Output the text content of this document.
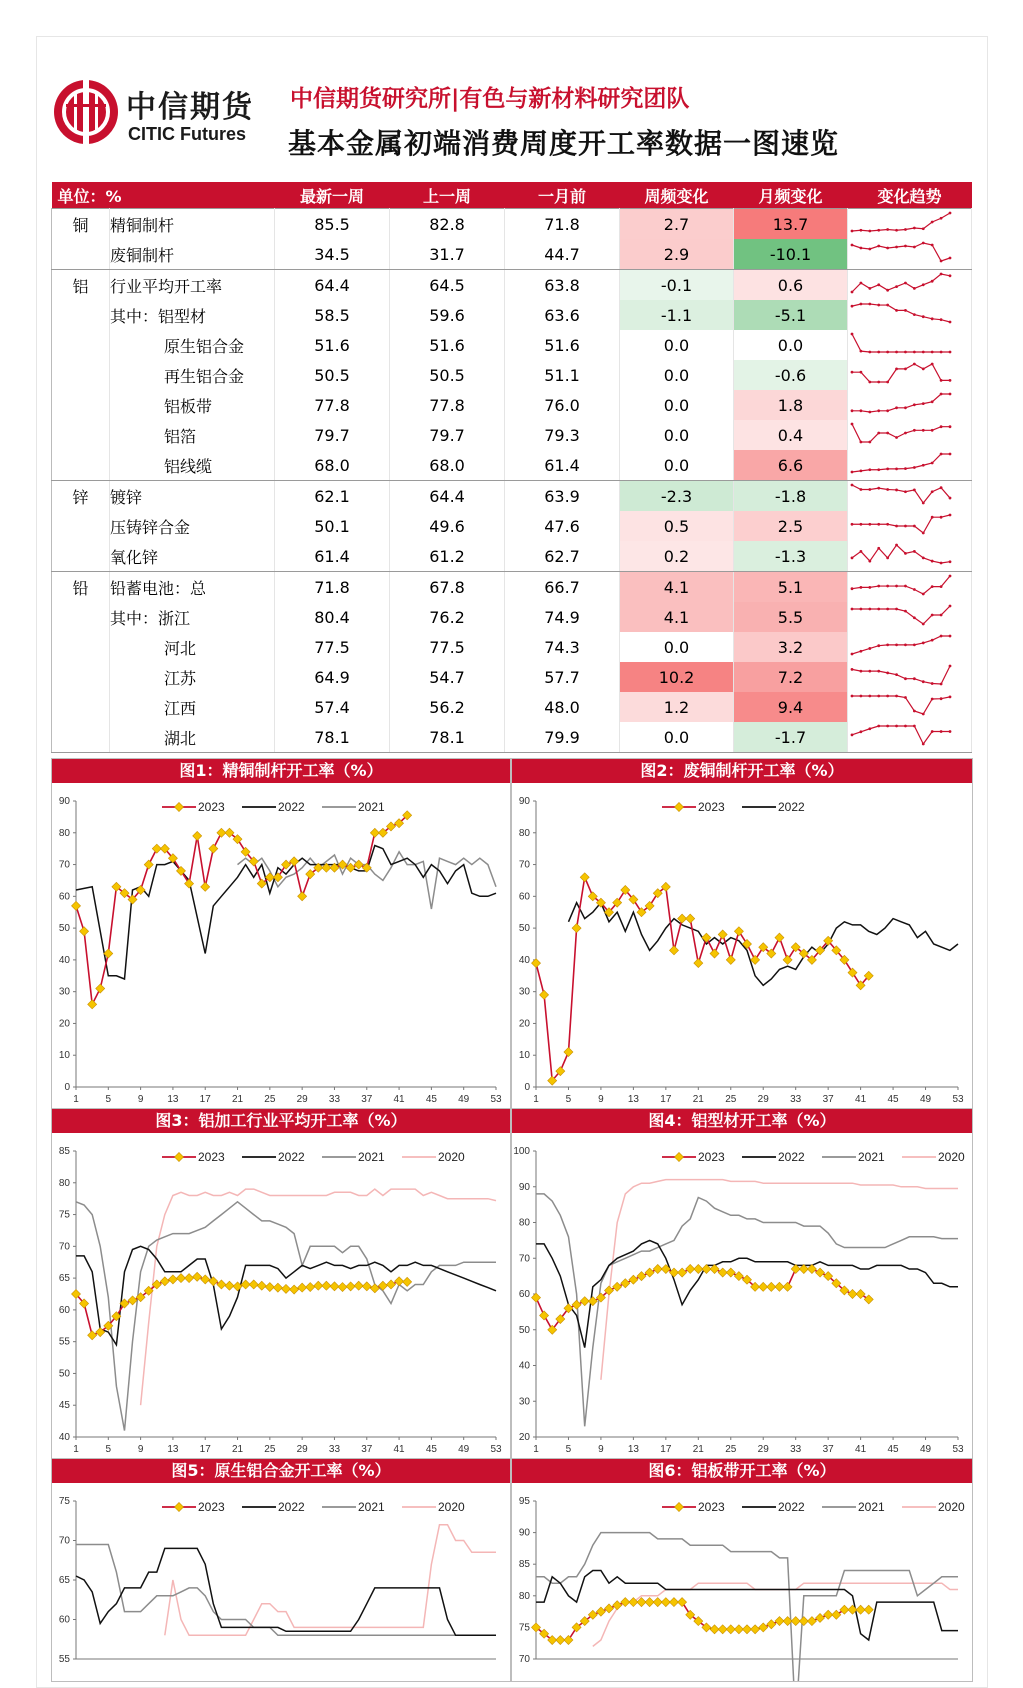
中信期货
CITIC Futures
中信期货研究所|有色与新材料研究团队
基本金属初端消费周度开工率数据一图速览
单位：%		最新一周	上一周	一月前	周频变化	月频变化	变化趋势
铜	精铜制杆	85.5	82.8	71.8	2.7	13.7	
	废铜制杆	34.5	31.7	44.7	2.9	-10.1	
铝	行业平均开工率	64.4	64.5	63.8	-0.1	0.6	
	其中：铝型材	58.5	59.6	63.6	-1.1	-5.1	
	原生铝合金	51.6	51.6	51.6	0.0	0.0	
	再生铝合金	50.5	50.5	51.1	0.0	-0.6	
	铝板带	77.8	77.8	76.0	0.0	1.8	
	铝箔	79.7	79.7	79.3	0.0	0.4	
	铝线缆	68.0	68.0	61.4	0.0	6.6	
锌	镀锌	62.1	64.4	63.9	-2.3	-1.8	
	压铸锌合金	50.1	49.6	47.6	0.5	2.5	
	氧化锌	61.4	61.2	62.7	0.2	-1.3	
铅	铅蓄电池：总	71.8	67.8	66.7	4.1	5.1	
	其中：浙江	80.4	76.2	74.9	4.1	5.5	
	河北	77.5	77.5	74.3	0.0	3.2	
	江苏	64.9	54.7	57.7	10.2	7.2	
	江西	57.4	56.2	48.0	1.2	9.4	
	湖北	78.1	78.1	79.9	0.0	-1.7	
图1：精铜制杆开工率（%）
0
10
20
30
40
50
60
70
80
90
1	5	9 13 17 21 25 29 33 37 41 45 49 53
2023	2022	2021
图2：废铜制杆开工率（%）
0
10
20
30
40
50
60
70
80
90
1	5	9 13 17 21 25 29 33 37 41 45 49 53
2023	2022
图3：铝加工行业平均开工率（%）
40
45
50
55
60
65
70
75
80
85
1	5	9 13 17 21 25 29 33 37 41 45 49 53
2023	2022	2021	2020
图4：铝型材开工率（%）
20
30
40
50
60
70
80
90
100
1	5	9 13 17 21 25 29 33 37 41 45 49 53
2023	2022	2021	2020
图5：原生铝合金开工率（%）
55
60
65
70
75	2023	2022	2021	2020
图6：铝板带开工率（%）
70
75
80
85
90
95	2023	2022	2021	2020
